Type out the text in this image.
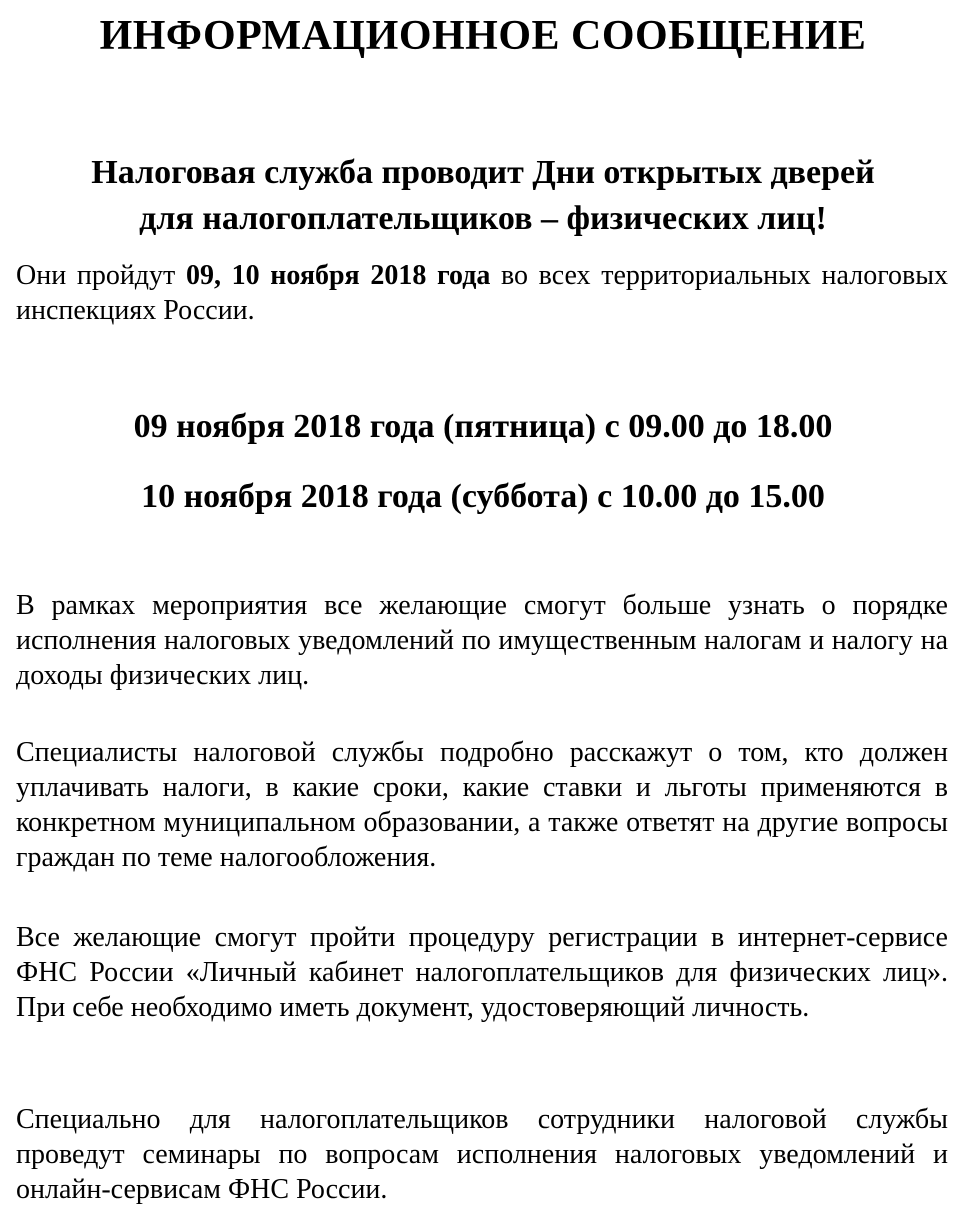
ИНФОРМАЦИОННОЕ СООБЩЕНИЕ
Налоговая служба проводит Дни открытых дверей
для налогоплательщиков – физических лиц!
Они пройдут 09, 10 ноября 2018 года во всех территориальных налоговых инспекциях России.
09 ноября 2018 года (пятница) с 09.00 до 18.00
10 ноября 2018 года (суббота) с 10.00 до 15.00
В рамках мероприятия все желающие смогут больше узнать о порядке исполнения налоговых уведомлений по имущественным налогам и налогу на доходы физических лиц.
Специалисты налоговой службы подробно расскажут о том, кто должен уплачивать налоги, в какие сроки, какие ставки и льготы применяются в конкретном муниципальном образовании, а также ответят на другие вопросы граждан по теме налогообложения.
Все желающие смогут пройти процедуру регистрации в интернет-сервисе ФНС России «Личный кабинет налогоплательщиков для физических лиц». При себе необходимо иметь документ, удостоверяющий личность.
Специально для налогоплательщиков сотрудники налоговой службы проведут семинары по вопросам исполнения налоговых уведомлений и онлайн-сервисам ФНС России.
